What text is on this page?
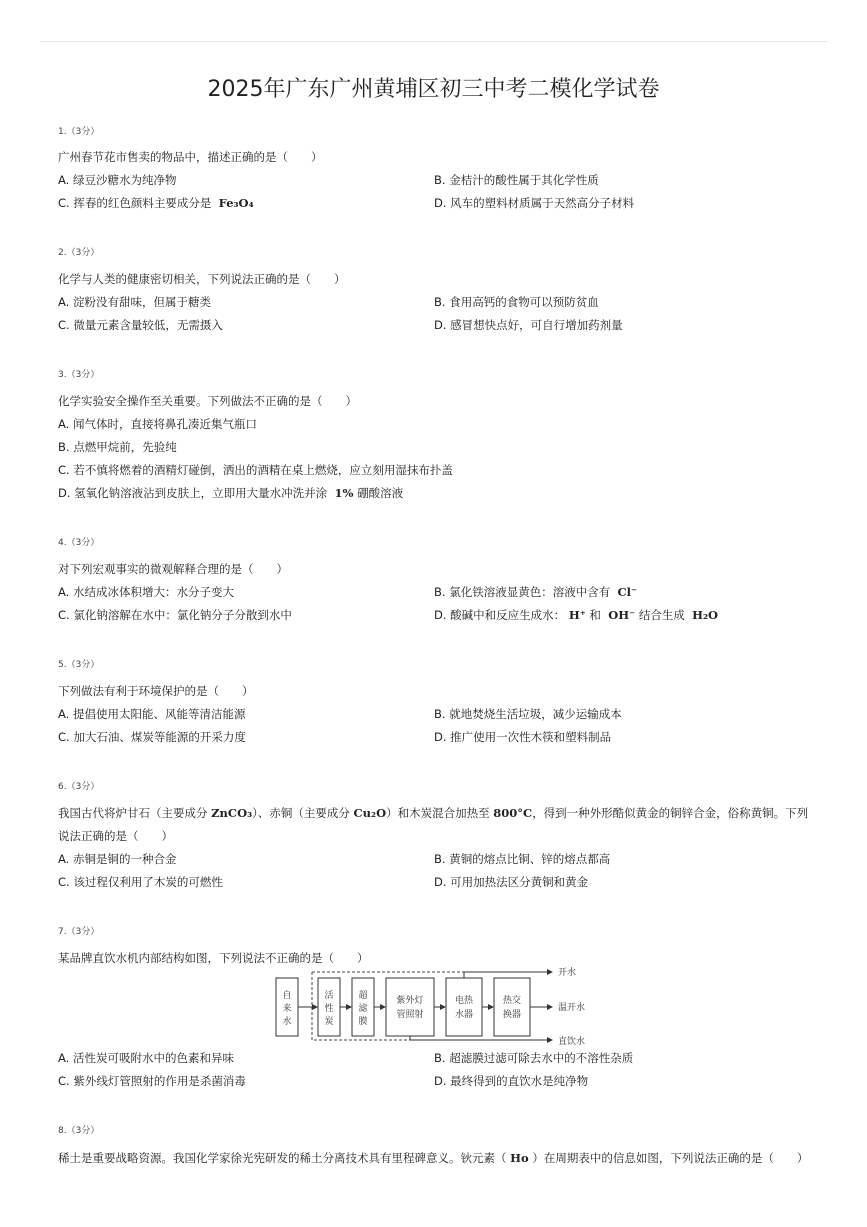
2025年广东广州黄埔区初三中考二模化学试卷
1.（3分）
广州春节花市售卖的物品中，描述正确的是（　　）
A. 绿豆沙糖水为纯净物	B. 金桔汁的酸性属于其化学性质
C. 挥春的红色颜料主要成分是 Fe₃O₄	D. 风车的塑料材质属于天然高分子材料
2.（3分）
化学与人类的健康密切相关，下列说法正确的是（　　）
A. 淀粉没有甜味，但属于糖类	B. 食用高钙的食物可以预防贫血
C. 微量元素含量较低，无需摄入	D. 感冒想快点好，可自行增加药剂量
3.（3分）
化学实验安全操作至关重要。下列做法不正确的是（　　）
A. 闻气体时，直接将鼻孔凑近集气瓶口
B. 点燃甲烷前，先验纯
C. 若不慎将燃着的酒精灯碰倒，洒出的酒精在桌上燃烧，应立刻用湿抹布扑盖
D. 氢氧化钠溶液沾到皮肤上，立即用大量水冲洗并涂 1% 硼酸溶液
4.（3分）
对下列宏观事实的微观解释合理的是（　　）
A. 水结成冰体积增大：水分子变大	B. 氯化铁溶液显黄色：溶液中含有 Cl⁻
C. 氯化钠溶解在水中：氯化钠分子分散到水中	D. 酸碱中和反应生成水： H⁺ 和 OH⁻ 结合生成 H₂O
5.（3分）
下列做法有利于环境保护的是（　　）
A. 提倡使用太阳能、风能等清洁能源	B. 就地焚烧生活垃圾，减少运输成本
C. 加大石油、煤炭等能源的开采力度	D. 推广使用一次性木筷和塑料制品
6.（3分）
我国古代将炉甘石（主要成分 ZnCO₃）、赤铜（主要成分 Cu₂O）和木炭混合加热至 800°C，得到一种外形酷似黄金的铜锌合金，俗称黄铜。下列
说法正确的是（　　）
A. 赤铜是铜的一种合金	B. 黄铜的熔点比铜、锌的熔点都高
C. 该过程仅利用了木炭的可燃性	D. 可用加热法区分黄铜和黄金
7.（3分）
某品牌直饮水机内部结构如图，下列说法不正确的是（　　）
自
来
水
活
性
炭
超
滤
膜
紫外灯
管照射
电热
水器
热交
换器
开水
温开水
直饮水
A. 活性炭可吸附水中的色素和异味	B. 超滤膜过滤可除去水中的不溶性杂质
C. 紫外线灯管照射的作用是杀菌消毒	D. 最终得到的直饮水是纯净物
8.（3分）
稀土是重要战略资源。我国化学家徐光宪研发的稀土分离技术具有里程碑意义。钬元素（ Ho ）在周期表中的信息如图，下列说法正确的是（　　）
